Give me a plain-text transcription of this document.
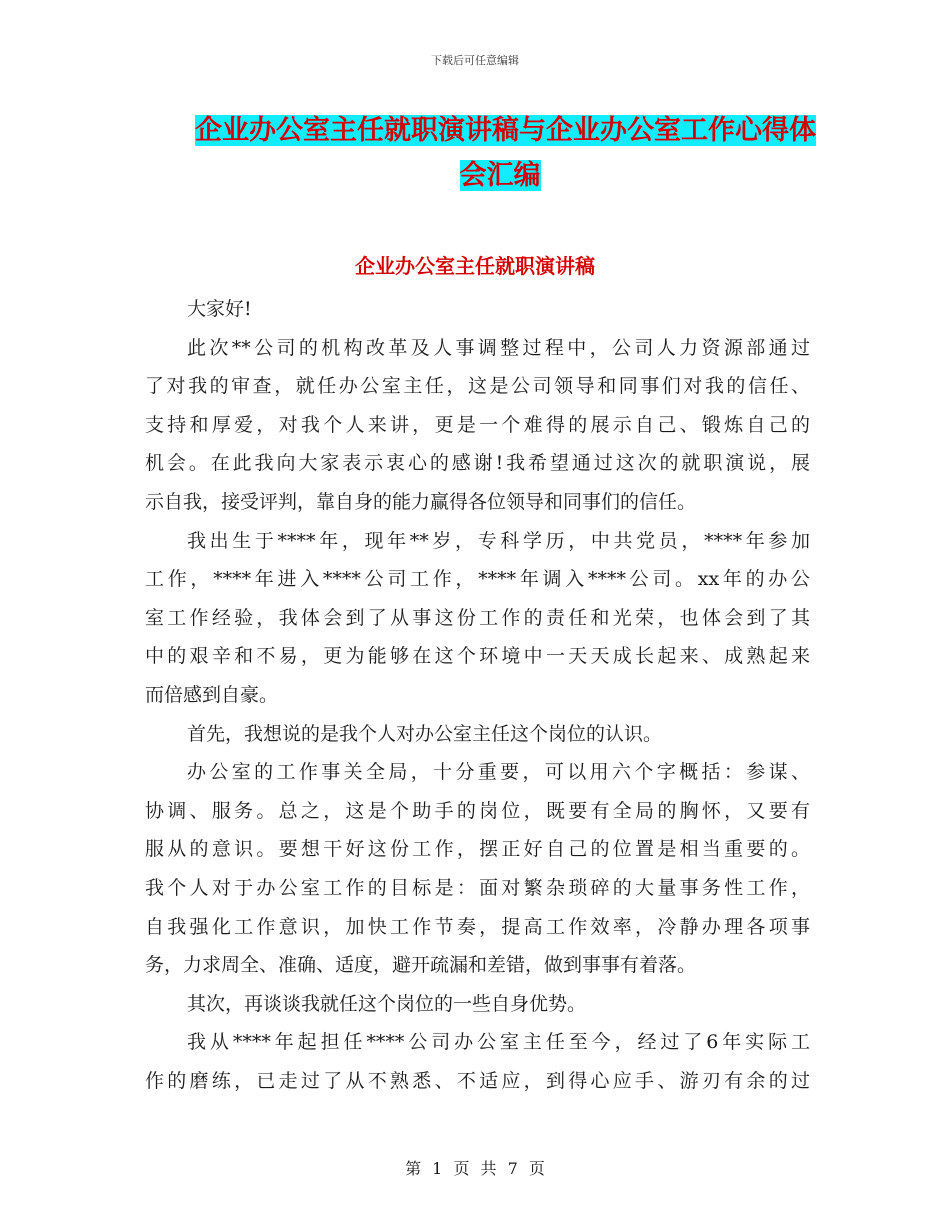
下载后可任意编辑
企业办公室主任就职演讲稿与企业办公室工作心得体
会汇编
企业办公室主任就职演讲稿
大家好!
此次**公司的机构改革及人事调整过程中，公司人力资源部通过
了对我的审查，就任办公室主任，这是公司领导和同事们对我的信任、
支持和厚爱，对我个人来讲，更是一个难得的展示自己、锻炼自己的
机会。在此我向大家表示衷心的感谢!我希望通过这次的就职演说，展
示自我，接受评判，靠自身的能力赢得各位领导和同事们的信任。
我出生于****年，现年**岁，专科学历，中共党员，****年参加
工作，****年进入****公司工作，****年调入****公司。xx年的办公
室工作经验，我体会到了从事这份工作的责任和光荣，也体会到了其
中的艰辛和不易，更为能够在这个环境中一天天成长起来、成熟起来
而倍感到自豪。
首先，我想说的是我个人对办公室主任这个岗位的认识。
办公室的工作事关全局，十分重要，可以用六个字概括：参谋、
协调、服务。总之，这是个助手的岗位，既要有全局的胸怀，又要有
服从的意识。要想干好这份工作，摆正好自己的位置是相当重要的。
我个人对于办公室工作的目标是：面对繁杂琐碎的大量事务性工作，
自我强化工作意识，加快工作节奏，提高工作效率，冷静办理各项事
务，力求周全、准确、适度，避开疏漏和差错，做到事事有着落。
其次，再谈谈我就任这个岗位的一些自身优势。
我从****年起担任****公司办公室主任至今，经过了6年实际工
作的磨练，已走过了从不熟悉、不适应，到得心应手、游刃有余的过
第 1 页 共 7 页
